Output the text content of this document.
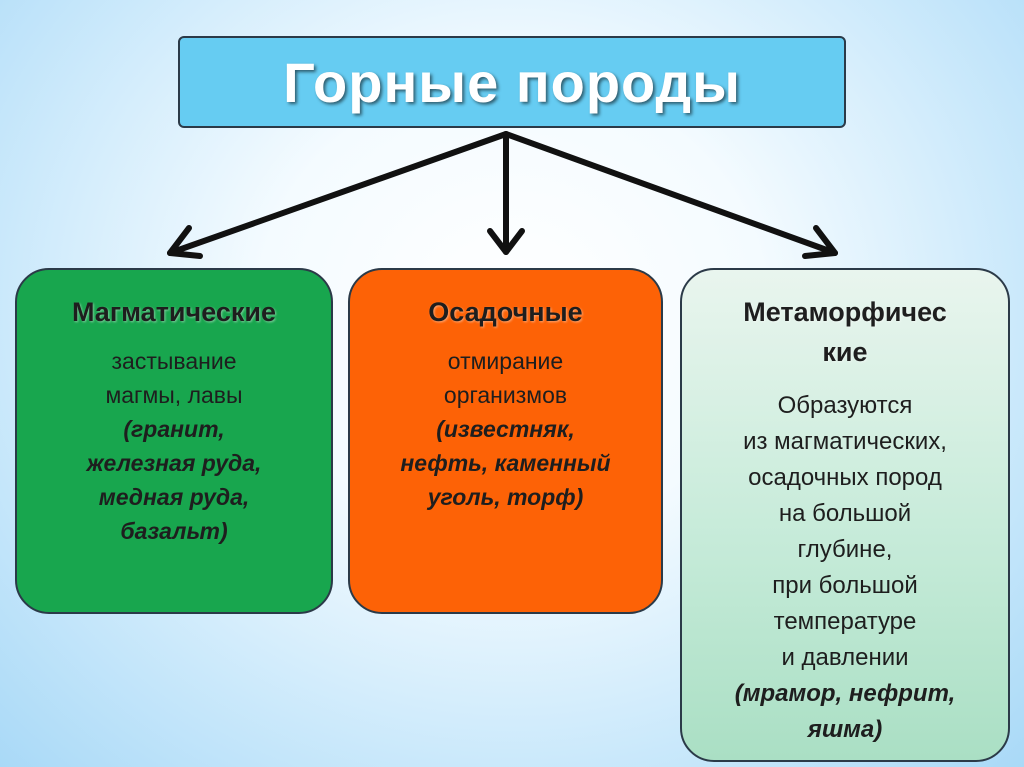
Горные породы
Магматические
застывание
магмы, лавы
(гранит,
железная руда,
медная руда,
базальт)
Осадочные
отмирание
организмов
(известняк,
нефть, каменный
уголь, торф)
Метаморфичес
кие
Образуются
из магматических,
осадочных пород
на большой
глубине,
при большой
температуре
и давлении
(мрамор, нефрит,
яшма)
